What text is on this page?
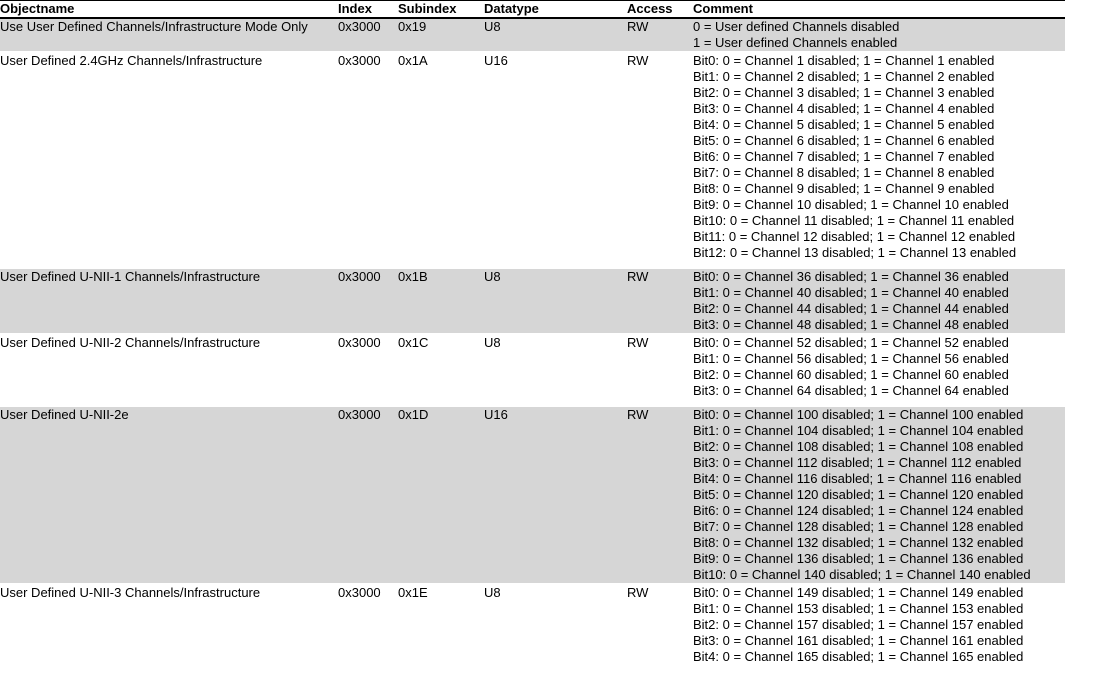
Objectname	Index	Subindex	Datatype	Access	Comment
Use User Defined Channels/Infrastructure Mode Only	0x3000	0x19	U8	RW	0 = User defined Channels disabled
1 = User defined Channels enabled

User Defined 2.4GHz Channels/Infrastructure	0x3000	0x1A	U16	RW	Bit0: 0 = Channel 1 disabled; 1 = Channel 1 enabled
Bit1: 0 = Channel 2 disabled; 1 = Channel 2 enabled
Bit2: 0 = Channel 3 disabled; 1 = Channel 3 enabled
Bit3: 0 = Channel 4 disabled; 1 = Channel 4 enabled
Bit4: 0 = Channel 5 disabled; 1 = Channel 5 enabled
Bit5: 0 = Channel 6 disabled; 1 = Channel 6 enabled
Bit6: 0 = Channel 7 disabled; 1 = Channel 7 enabled
Bit7: 0 = Channel 8 disabled; 1 = Channel 8 enabled
Bit8: 0 = Channel 9 disabled; 1 = Channel 9 enabled
Bit9: 0 = Channel 10 disabled; 1 = Channel 10 enabled
Bit10: 0 = Channel 11 disabled; 1 = Channel 11 enabled
Bit11: 0 = Channel 12 disabled; 1 = Channel 12 enabled
Bit12: 0 = Channel 13 disabled; 1 = Channel 13 enabled

User Defined U-NII-1 Channels/Infrastructure	0x3000	0x1B	U8	RW	Bit0: 0 = Channel 36 disabled; 1 = Channel 36 enabled
Bit1: 0 = Channel 40 disabled; 1 = Channel 40 enabled
Bit2: 0 = Channel 44 disabled; 1 = Channel 44 enabled
Bit3: 0 = Channel 48 disabled; 1 = Channel 48 enabled

User Defined U-NII-2 Channels/Infrastructure	0x3000	0x1C	U8	RW	Bit0: 0 = Channel 52 disabled; 1 = Channel 52 enabled
Bit1: 0 = Channel 56 disabled; 1 = Channel 56 enabled
Bit2: 0 = Channel 60 disabled; 1 = Channel 60 enabled
Bit3: 0 = Channel 64 disabled; 1 = Channel 64 enabled

User Defined U-NII-2e	0x3000	0x1D	U16	RW	Bit0: 0 = Channel 100 disabled; 1 = Channel 100 enabled
Bit1: 0 = Channel 104 disabled; 1 = Channel 104 enabled
Bit2: 0 = Channel 108 disabled; 1 = Channel 108 enabled
Bit3: 0 = Channel 112 disabled; 1 = Channel 112 enabled
Bit4: 0 = Channel 116 disabled; 1 = Channel 116 enabled
Bit5: 0 = Channel 120 disabled; 1 = Channel 120 enabled
Bit6: 0 = Channel 124 disabled; 1 = Channel 124 enabled
Bit7: 0 = Channel 128 disabled; 1 = Channel 128 enabled
Bit8: 0 = Channel 132 disabled; 1 = Channel 132 enabled
Bit9: 0 = Channel 136 disabled; 1 = Channel 136 enabled
Bit10: 0 = Channel 140 disabled; 1 = Channel 140 enabled

User Defined U-NII-3 Channels/Infrastructure	0x3000	0x1E	U8	RW	Bit0: 0 = Channel 149 disabled; 1 = Channel 149 enabled
Bit1: 0 = Channel 153 disabled; 1 = Channel 153 enabled
Bit2: 0 = Channel 157 disabled; 1 = Channel 157 enabled
Bit3: 0 = Channel 161 disabled; 1 = Channel 161 enabled
Bit4: 0 = Channel 165 disabled; 1 = Channel 165 enabled
